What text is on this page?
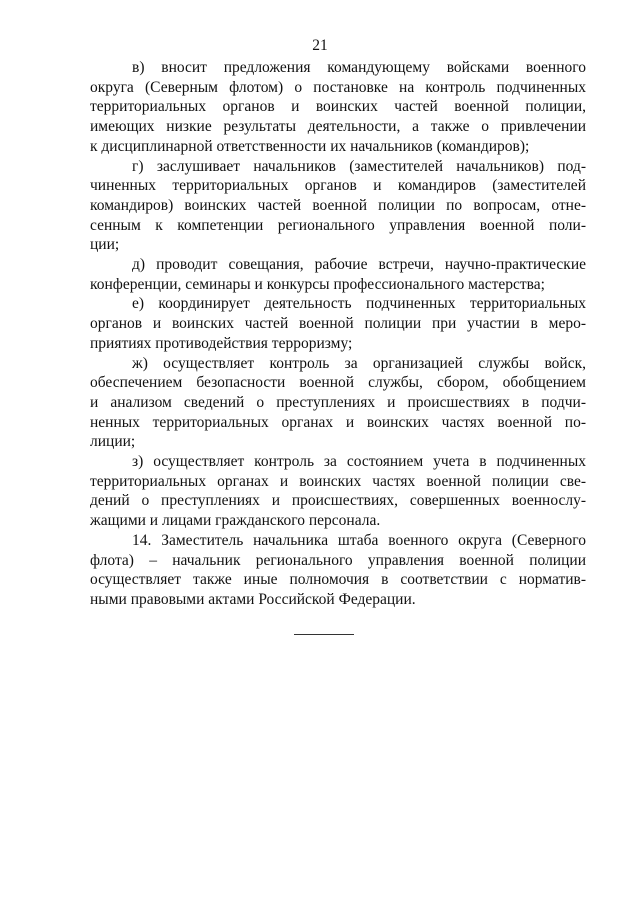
21
в) вносит предложения командующему войсками военного
округа (Северным флотом) о постановке на контроль подчиненных
территориальных органов и воинских частей военной полиции,
имеющих низкие результаты деятельности, а также о привлечении
к дисциплинарной ответственности их начальников (командиров);
г) заслушивает начальников (заместителей начальников) под-
чиненных территориальных органов и командиров (заместителей
командиров) воинских частей военной полиции по вопросам, отне-
сенным к компетенции регионального управления военной поли-
ции;
д) проводит совещания, рабочие встречи, научно-практические
конференции, семинары и конкурсы профессионального мастерства;
е) координирует деятельность подчиненных территориальных
органов и воинских частей военной полиции при участии в меро-
приятиях противодействия терроризму;
ж) осуществляет контроль за организацией службы войск,
обеспечением безопасности военной службы, сбором, обобщением
и анализом сведений о преступлениях и происшествиях в подчи-
ненных территориальных органах и воинских частях военной по-
лиции;
з) осуществляет контроль за состоянием учета в подчиненных
территориальных органах и воинских частях военной полиции све-
дений о преступлениях и происшествиях, совершенных военнослу-
жащими и лицами гражданского персонала.
14. Заместитель начальника штаба военного округа (Северного
флота) – начальник регионального управления военной полиции
осуществляет также иные полномочия в соответствии с норматив-
ными правовыми актами Российской Федерации.
